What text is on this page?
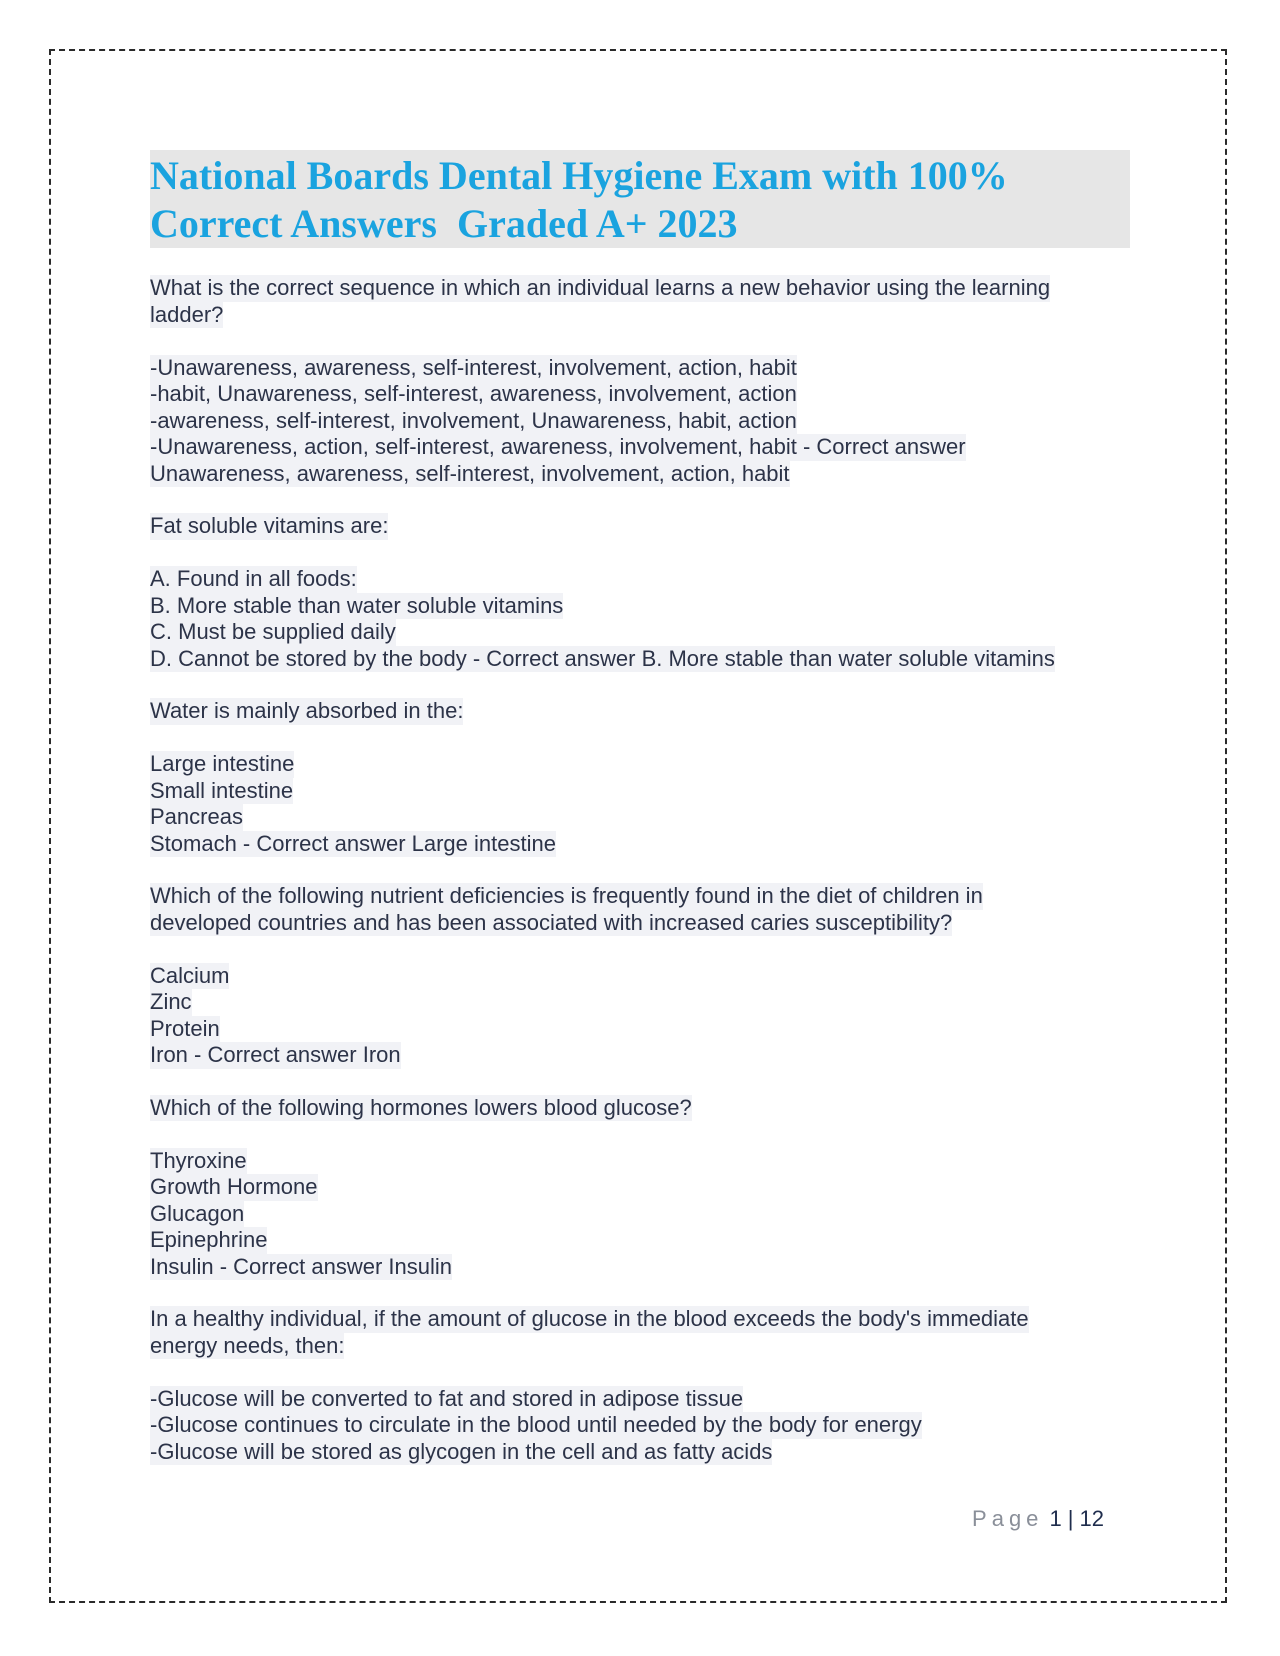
National Boards Dental Hygiene Exam with 100%
Correct Answers  Graded A+ 2023
What is the correct sequence in which an individual learns a new behavior using the learning
ladder?
-Unawareness, awareness, self-interest, involvement, action, habit
-habit, Unawareness, self-interest, awareness, involvement, action
-awareness, self-interest, involvement, Unawareness, habit, action
-Unawareness, action, self-interest, awareness, involvement, habit - Correct answer
Unawareness, awareness, self-interest, involvement, action, habit
Fat soluble vitamins are:
A. Found in all foods:
B. More stable than water soluble vitamins
C. Must be supplied daily
D. Cannot be stored by the body - Correct answer B. More stable than water soluble vitamins
Water is mainly absorbed in the:
Large intestine
Small intestine
Pancreas
Stomach - Correct answer Large intestine
Which of the following nutrient deficiencies is frequently found in the diet of children in
developed countries and has been associated with increased caries susceptibility?
Calcium
Zinc
Protein
Iron - Correct answer Iron
Which of the following hormones lowers blood glucose?
Thyroxine
Growth Hormone
Glucagon
Epinephrine
Insulin - Correct answer Insulin
In a healthy individual, if the amount of glucose in the blood exceeds the body's immediate
energy needs, then:
-Glucose will be converted to fat and stored in adipose tissue
-Glucose continues to circulate in the blood until needed by the body for energy
-Glucose will be stored as glycogen in the cell and as fatty acids
Page 1 | 12
